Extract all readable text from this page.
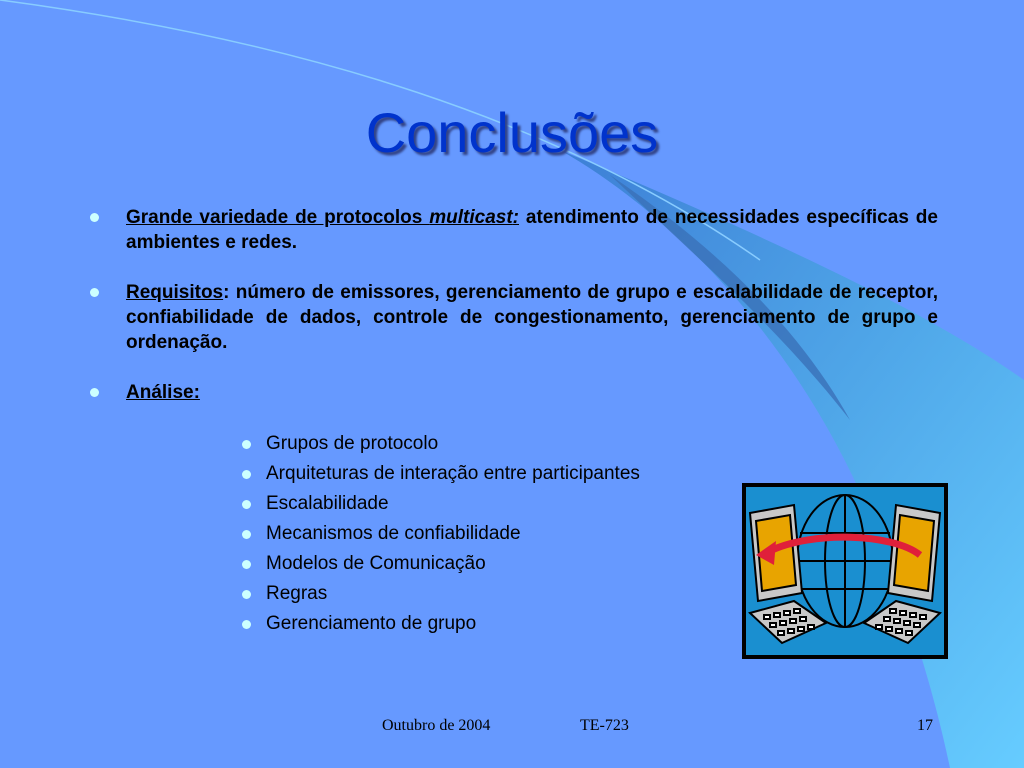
Conclusões
Grande variedade de protocolos multicast: atendimento de necessidades específicas de ambientes e redes.
Requisitos: número de emissores, gerenciamento de grupo e escalabilidade de receptor, confiabilidade de dados, controle de congestionamento, gerenciamento de grupo e ordenação.
Análise:
Grupos de protocolo
Arquiteturas de interação entre participantes
Escalabilidade
Mecanismos de confiabilidade
Modelos de Comunicação
Regras
Gerenciamento de grupo
Outubro de 2004	TE-723	17
